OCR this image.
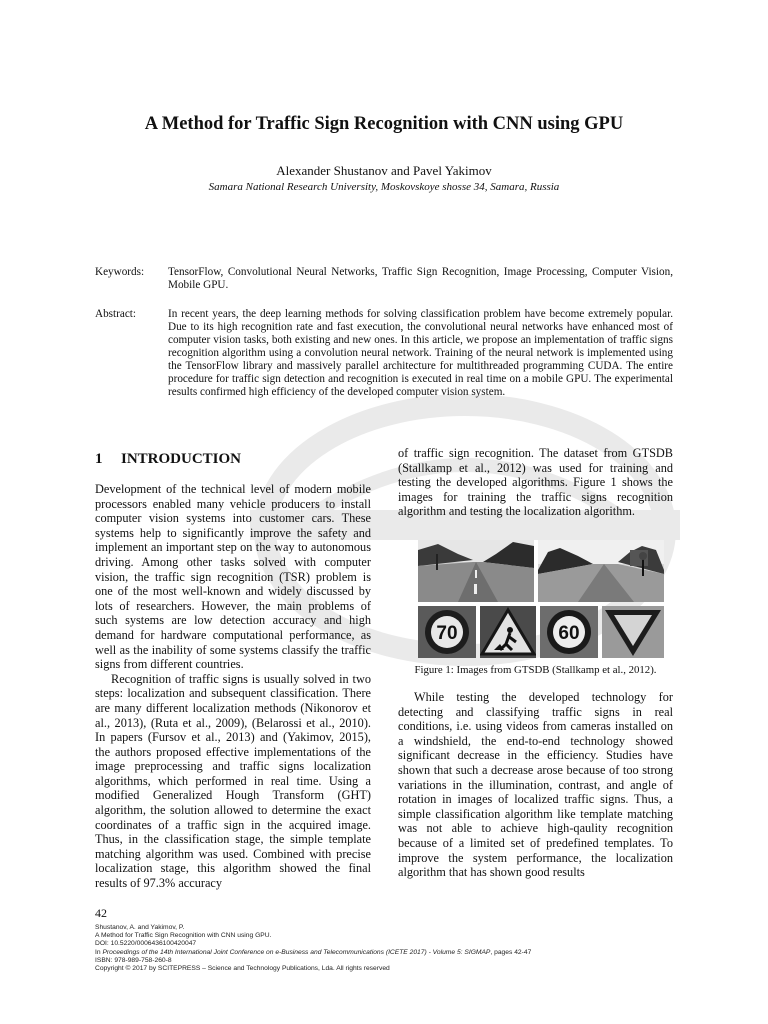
A Method for Traffic Sign Recognition with CNN using GPU
Alexander Shustanov and Pavel Yakimov
Samara National Research University, Moskovskoye shosse 34, Samara, Russia
Keywords: TensorFlow, Convolutional Neural Networks, Traffic Sign Recognition, Image Processing, Computer Vision, Mobile GPU.
Abstract:	In recent years, the deep learning methods for solving classification problem have become extremely popular. Due to its high recognition rate and fast execution, the convolutional neural networks have enhanced most of computer vision tasks, both existing and new ones. In this article, we propose an implementation of traffic signs recognition algorithm using a convolution neural network. Training of the neural network is implemented using the TensorFlow library and massively parallel architecture for multithreaded programming CUDA. The entire procedure for traffic sign detection and recognition is executed in real time on a mobile GPU. The experimental results confirmed high efficiency of the developed computer vision system.
1 INTRODUCTION

Development of the technical level of modern mobile processors enabled many vehicle producers to install computer vision systems into customer cars. These systems help to significantly improve the safety and implement an important step on the way to autonomous driving. Among other tasks solved with computer vision, the traffic sign recognition (TSR) problem is one of the most well-known and widely discussed by lots of researchers. However, the main problems of such systems are low detection accuracy and high demand for hardware computational performance, as well as the inability of some systems classify the traffic signs from different countries.

Recognition of traffic signs is usually solved in two steps: localization and subsequent classification. There are many different localization methods (Nikonorov et al., 2013), (Ruta et al., 2009), (Belarossi et al., 2010). In papers (Fursov et al., 2013) and (Yakimov, 2015), the authors proposed effective implementations of the image preprocessing and traffic signs localization algorithms, which performed in real time. Using a modified Generalized Hough Transform (GHT) algorithm, the solution allowed to determine the exact coordinates of a traffic sign in the acquired image. Thus, in the classification stage, the simple template matching algorithm was used. Combined with precise localization stage, this algorithm showed the final results of 97.3% accuracy

of traffic sign recognition. The dataset from GTSDB (Stallkamp et al., 2012) was used for training and testing the developed algorithms. Figure 1 shows the images for training the traffic signs recognition algorithm and testing the localization algorithm.

70	60
Figure 1: Images from GTSDB (Stallkamp et al., 2012).

While testing the developed technology for detecting and classifying traffic signs in real conditions, i.e. using videos from cameras installed on a windshield, the end-to-end technology showed significant decrease in the efficiency. Studies have shown that such a decrease arose because of too strong variations in the illumination, contrast, and angle of rotation in images of localized traffic signs. Thus, a simple classification algorithm like template matching was not able to achieve high-qaulity recognition because of a limited set of predefined templates. To improve the system performance, the localization algorithm that has shown good results

42
Shustanov, A. and Yakimov, P.
A Method for Traffic Sign Recognition with CNN using GPU.
DOI: 10.5220/0006436100420047
In Proceedings of the 14th International Joint Conference on e-Business and Telecommunications (ICETE 2017) - Volume 5: SIGMAP, pages 42-47
ISBN: 978-989-758-260-8
Copyright © 2017 by SCITEPRESS – Science and Technology Publications, Lda. All rights reserved
